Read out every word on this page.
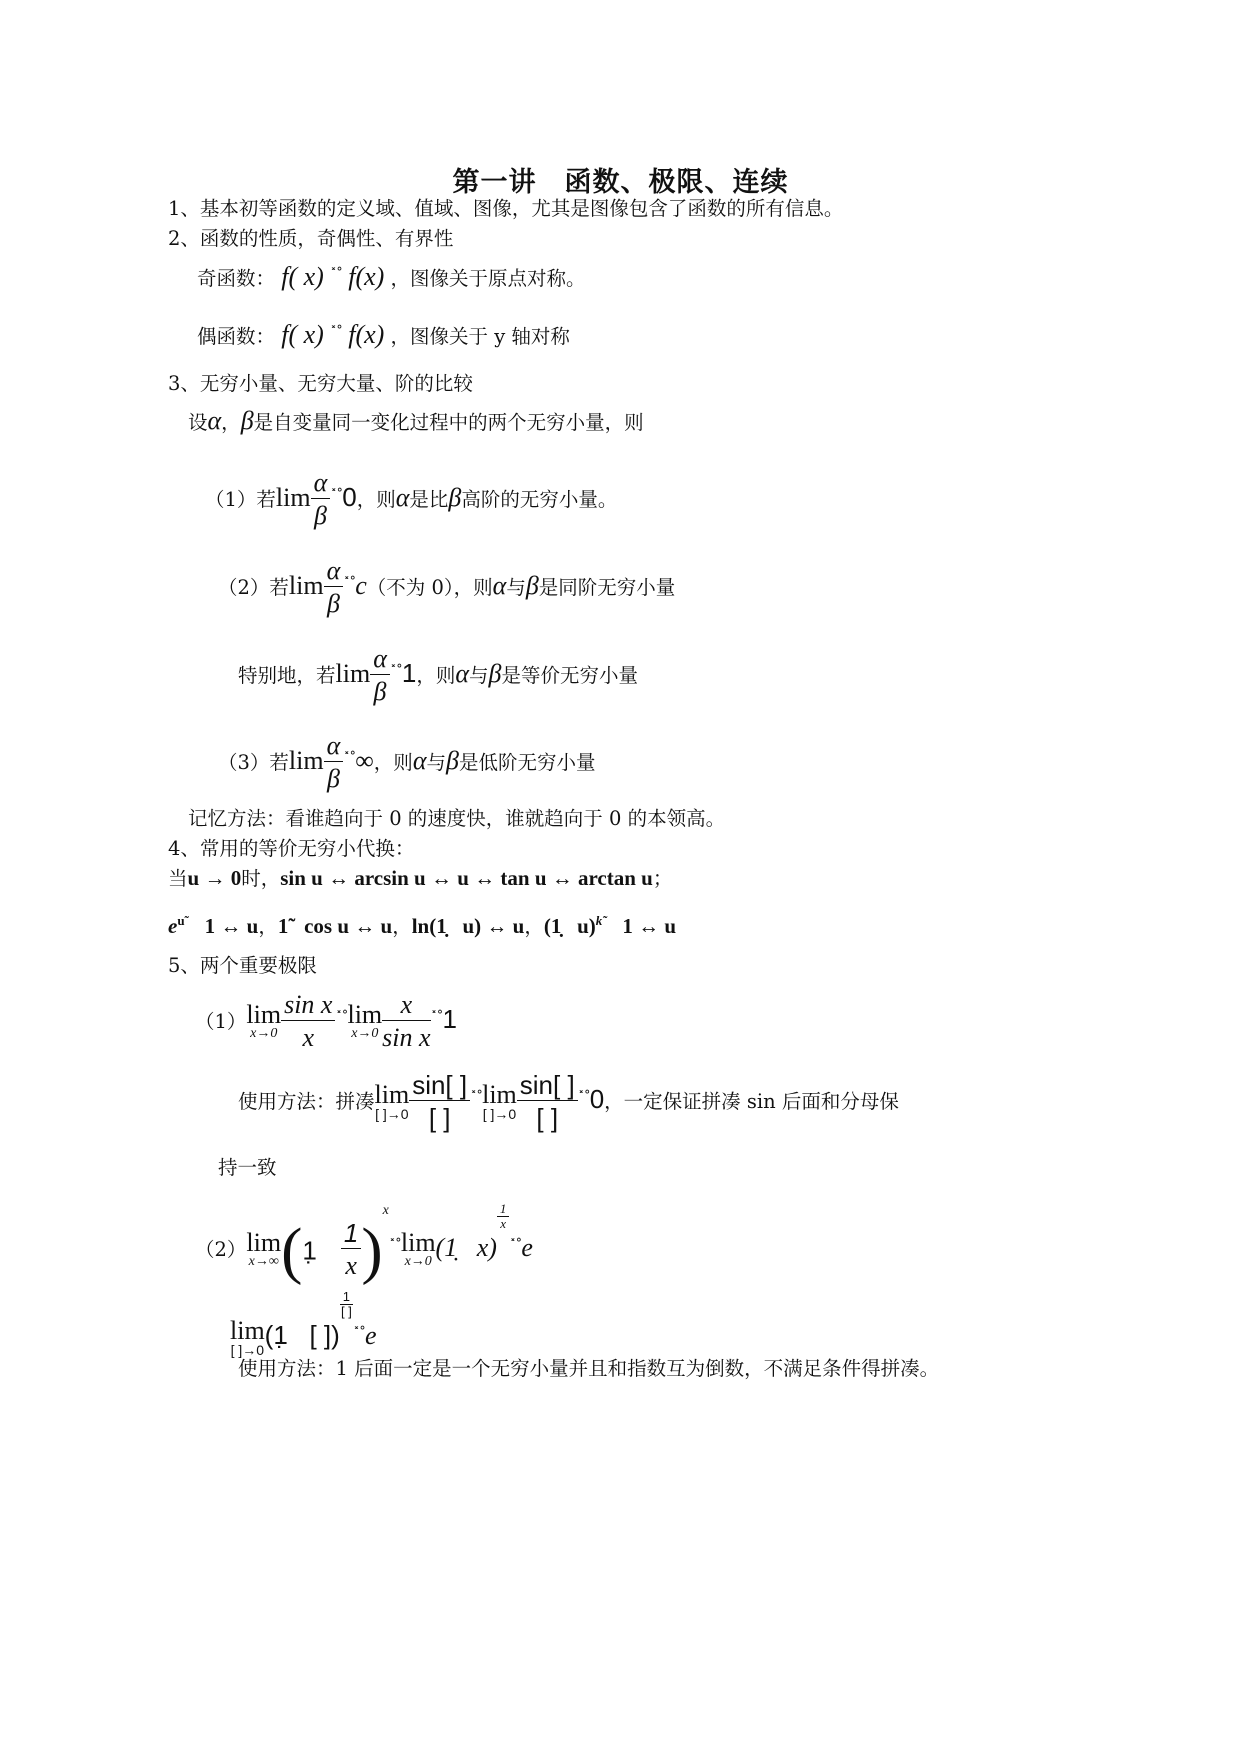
第一讲　函数、极限、连续
1、基本初等函数的定义域、值域、图像，尤其是图像包含了函数的所有信息。
2、函数的性质，奇偶性、有界性
奇函数： f( x) ˟˚ f(x) ，图像关于原点对称。
偶函数： f( x) ˟˚ f(x) ，图像关于 y 轴对称
3、无穷小量、无穷大量、阶的比较
设α，β是自变量同一变化过程中的两个无穷小量，则
（1）若$\lim \frac{\alpha}{\beta} ^{˟˚}0$，则α是比β高阶的无穷小量。
（2）若$\lim \frac{\alpha}{\beta} ^{˟˚}c$（不为 0），则α与β是同阶无穷小量
特别地，若$\lim \frac{\alpha}{\beta} ^{˟˚}1$，则α与β是等价无穷小量
（3）若$\lim \frac{\alpha}{\beta} ^{˟˚}\infty$，则α与β是低阶无穷小量
记忆方法：看谁趋向于 0 的速度快，谁就趋向于 0 的本领高。
4、常用的等价无穷小代换：
当u → 0时，sin u ↔ arcsin u ↔ u ↔ tan u ↔ arctan u；
$e^{u˜}$   1 ↔ u，1̃   cos u ↔ u，ln(1̣   u) ↔ u，(1̣   u)$^{k˜}$   1 ↔ u
5、两个重要极限
（1）lim
$x\to 0 \frac{\text{sin x}}{x} ^{˟˚}\lim$
$x\to 0 \frac{x}{\text{sin x}} ^{˟˚}1$
使用方法：拼凑lim
[ ]$\to 0 \frac{\sin[ ]}{[ ]} ^{˟˚}\lim$
[ ]$\to 0 \frac{\sin[ ]}{[ ]} ^{˟˚}0$，一定保证拼凑 sin 后面和分母保
持一致
（2）lim
x→∞ (1̣ $\frac{1}{x} )^{x˟˚}\lim$
x→0 (1̣   x)
$\frac{1}{x}$
˟˚e
lim
[ ]→0 (1̣   [ ])
$\frac{1}{[ ]}$
˟˚e
使用方法：1 后面一定是一个无穷小量并且和指数互为倒数，不满足条件得拼凑。
